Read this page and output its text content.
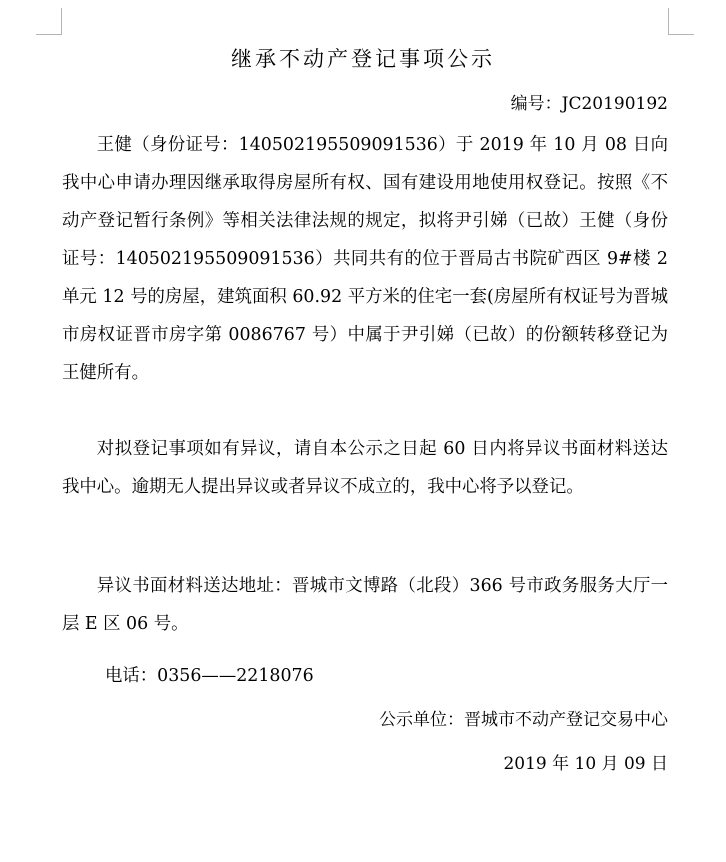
继承不动产登记事项公示
编号：JC20190192

王健（身份证号：140502195509091536）于 2019 年 10 月 08 日向我中心申请办理因继承取得房屋所有权、国有建设用地使用权登记。按照《不动产登记暂行条例》等相关法律法规的规定，拟将尹引娣（已故）王健（身份证号：140502195509091536）共同共有的位于晋局古书院矿西区 9#楼 2 单元 12 号的房屋，建筑面积 60.92 平方米的住宅一套(房屋所有权证号为晋城市房权证晋市房字第 0086767 号）中属于尹引娣（已故）的份额转移登记为王健所有。

对拟登记事项如有异议，请自本公示之日起 60 日内将异议书面材料送达我中心。逾期无人提出异议或者异议不成立的，我中心将予以登记。

异议书面材料送达地址：晋城市文博路（北段）366 号市政务服务大厅一层 E 区 06 号。

电话：0356——2218076
公示单位：晋城市不动产登记交易中心
2019 年 10 月 09 日
